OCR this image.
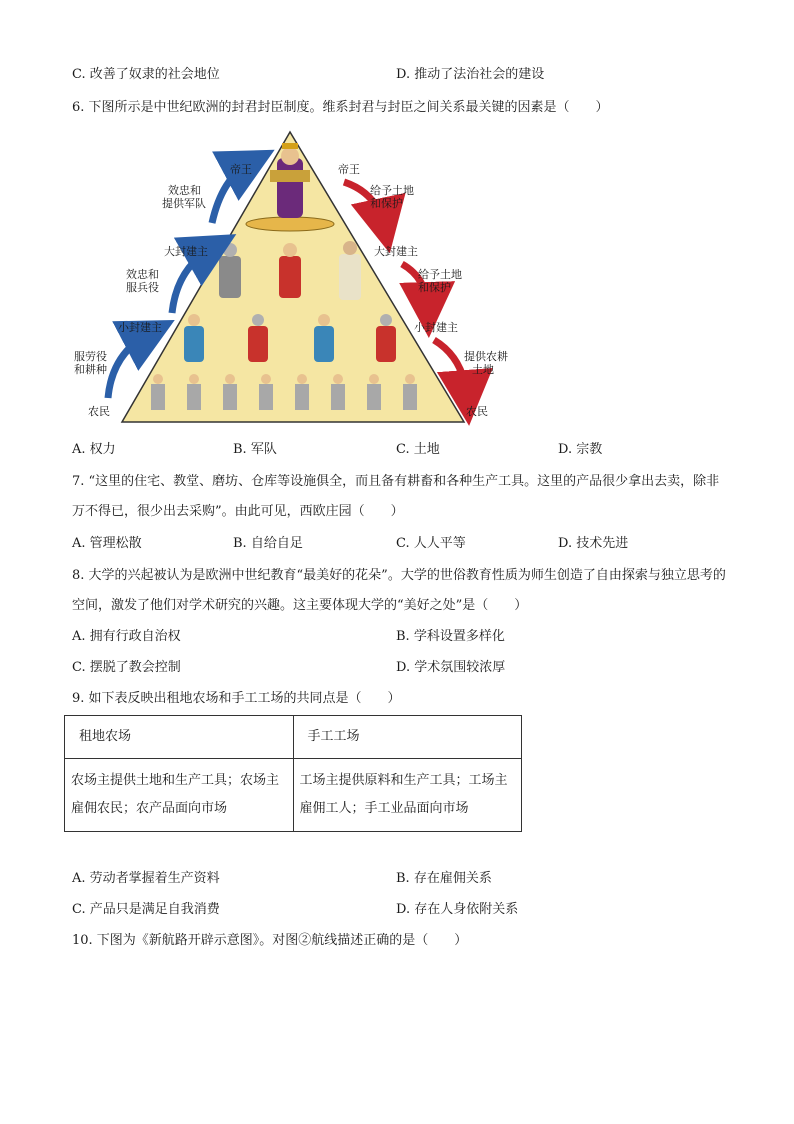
C. 改善了奴隶的社会地位	D. 推动了法治社会的建设
6. 下图所示是中世纪欧洲的封君封臣制度。维系封君与封臣之间关系最关键的因素是（　　）
帝王
大封建主
小封建主
农民
帝王
大封建主
小封建主
农民
效忠和提供军队
效忠和服兵役
服劳役和耕种
给予土地和保护
给予土地和保护
提供农耕土地
A. 权力	B. 军队	C. 土地	D. 宗教
7. “这里的住宅、教堂、磨坊、仓库等设施俱全，而且备有耕畜和各种生产工具。这里的产品很少拿出去卖，除非万不得已，很少出去采购”。由此可见，西欧庄园（　　）
A. 管理松散	B. 自给自足	C. 人人平等	D. 技术先进
8. 大学的兴起被认为是欧洲中世纪教育“最美好的花朵”。大学的世俗教育性质为师生创造了自由探索与独立思考的空间，激发了他们对学术研究的兴趣。这主要体现大学的“美好之处”是（　　）
A. 拥有行政自治权	B. 学科设置多样化
C. 摆脱了教会控制	D. 学术氛围较浓厚
9. 如下表反映出租地农场和手工工场的共同点是（　　）
租地农场	手工工场
农场主提供土地和生产工具；农场主雇佣农民；农产品面向市场	工场主提供原料和生产工具；工场主雇佣工人；手工业品面向市场
A. 劳动者掌握着生产资料	B. 存在雇佣关系
C. 产品只是满足自我消费	D. 存在人身依附关系
10. 下图为《新航路开辟示意图》。对图②航线描述正确的是（　　）
